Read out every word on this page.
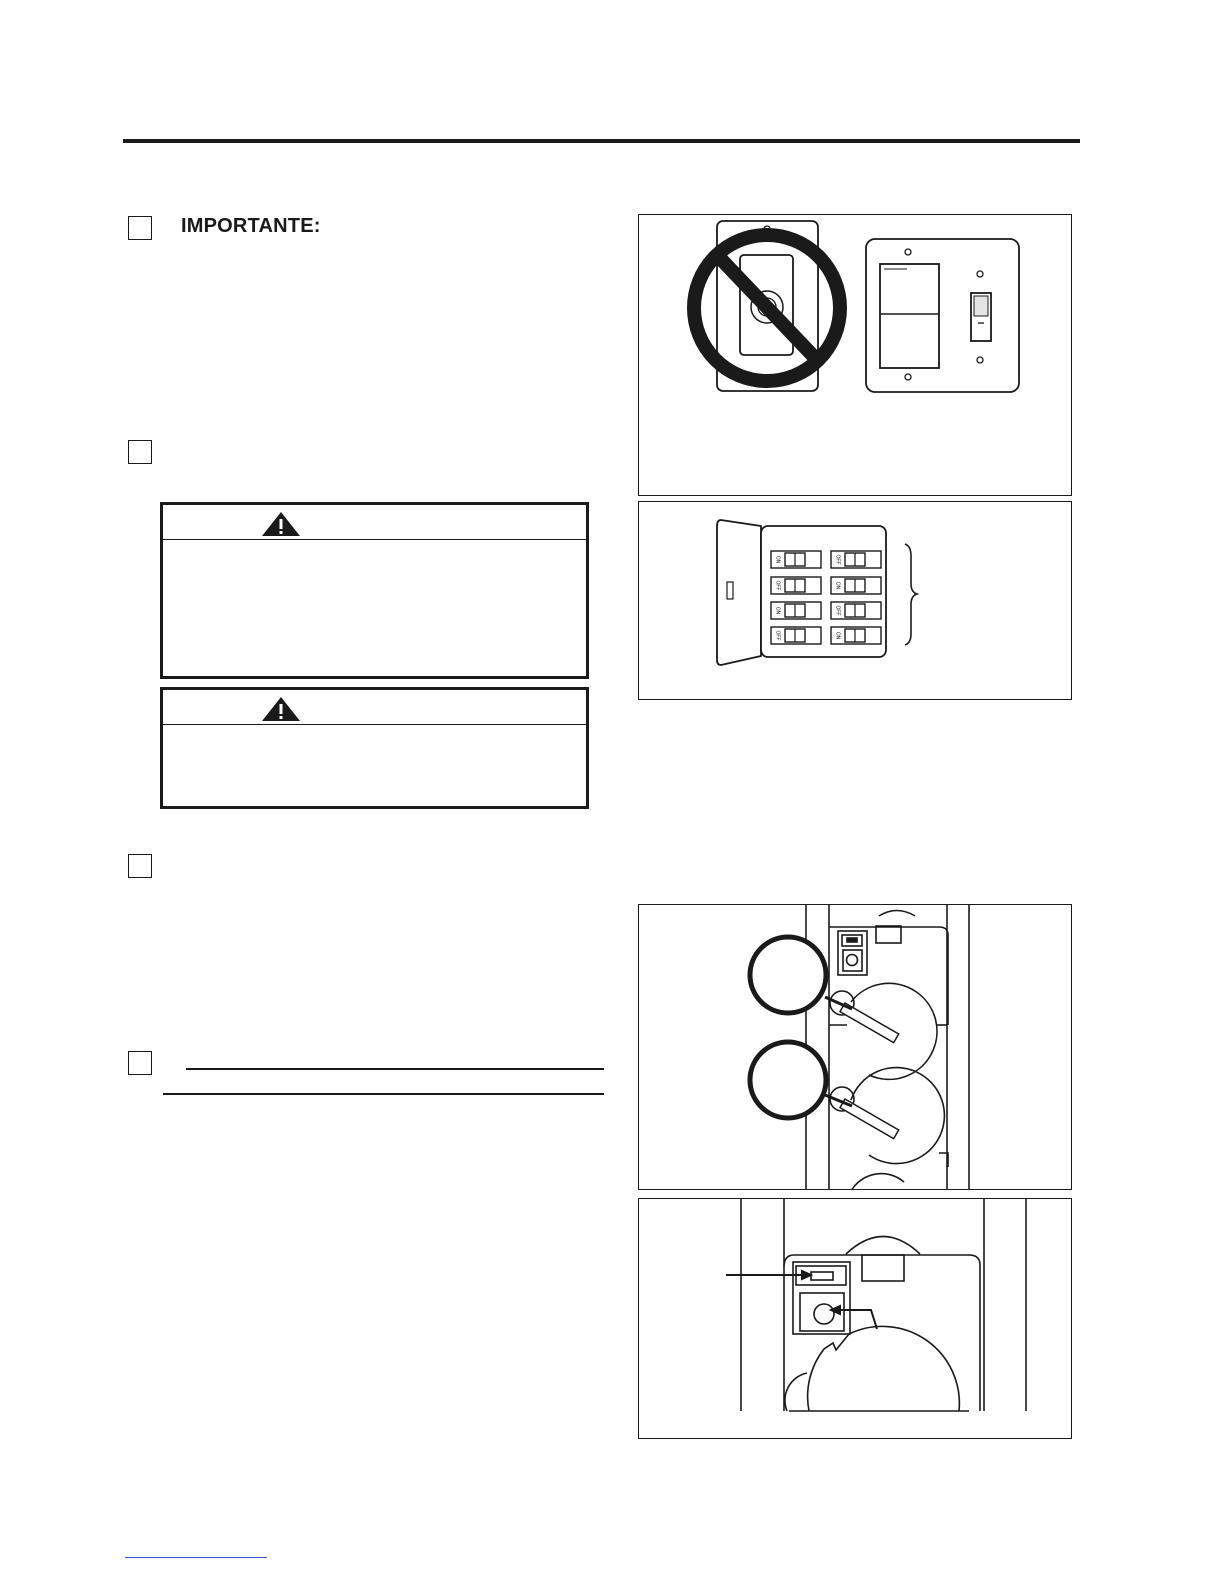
IMPORTANTE:
ON	OFF
OFF	ON
ON	OFF
OFF	ON
